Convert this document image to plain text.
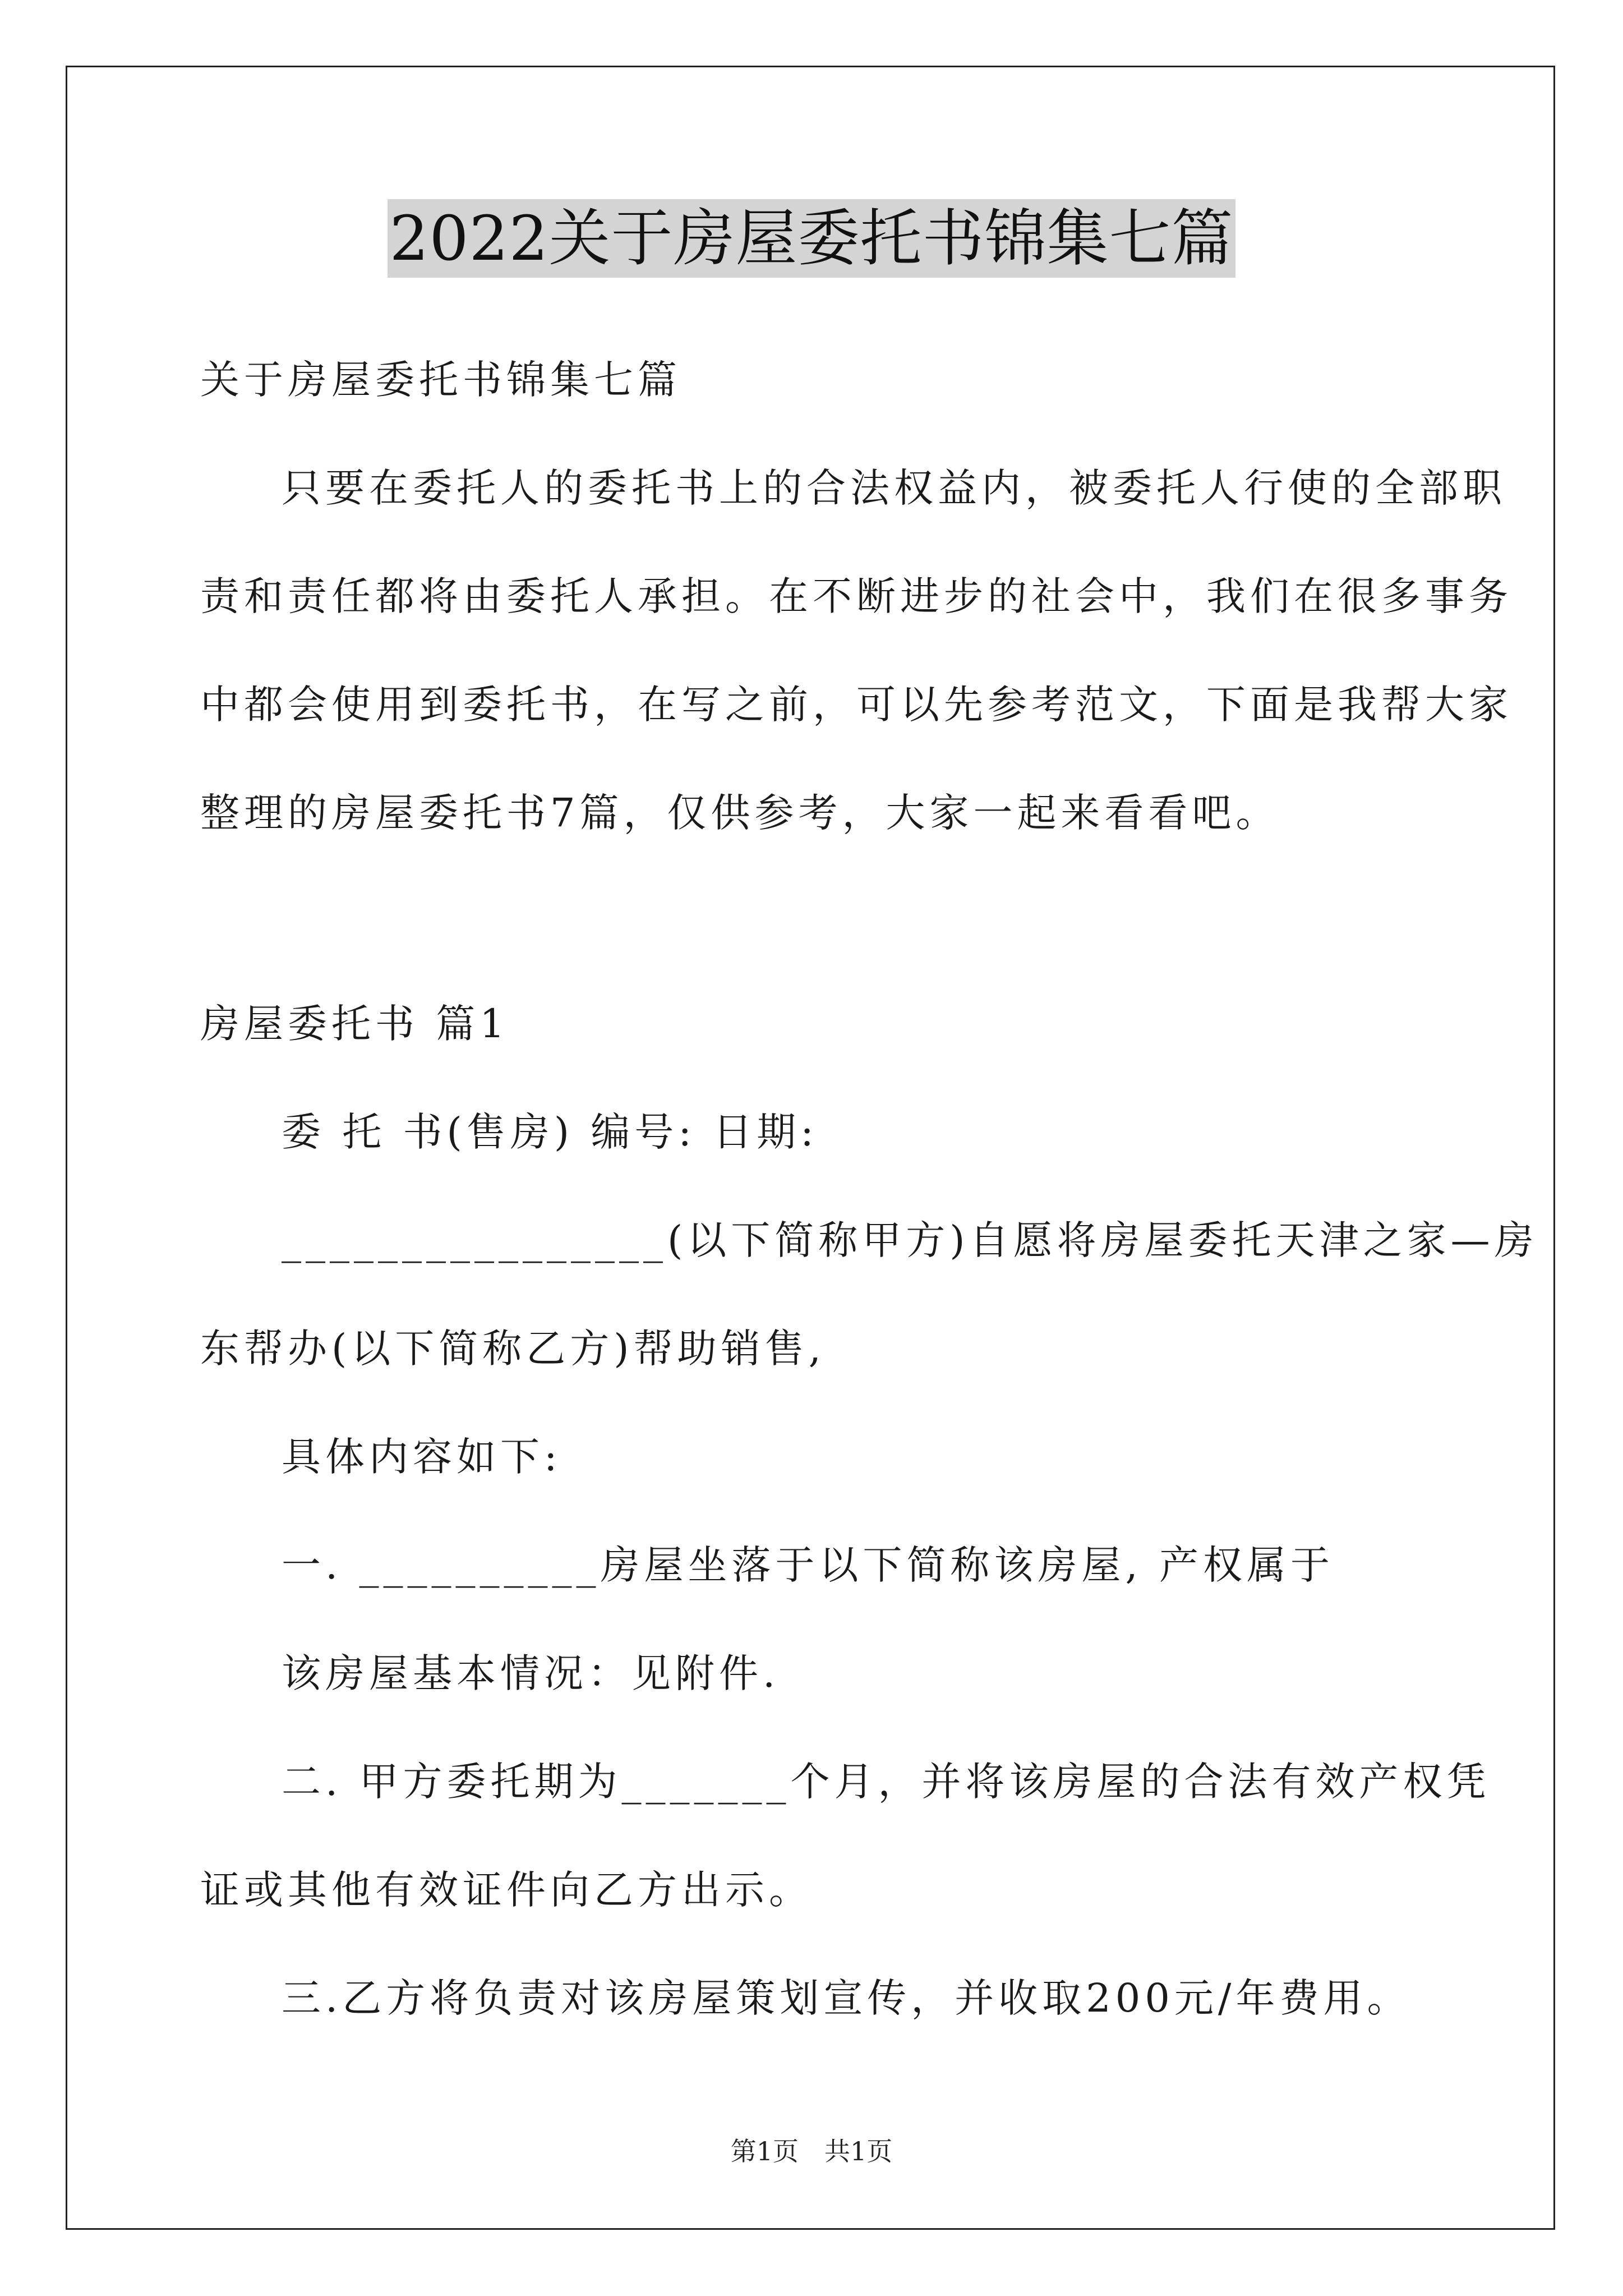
2022关于房屋委托书锦集七篇
关于房屋委托书锦集七篇
只要在委托人的委托书上的合法权益内，被委托人行使的全部职
责和责任都将由委托人承担。在不断进步的社会中，我们在很多事务
中都会使用到委托书，在写之前，可以先参考范文，下面是我帮大家
整理的房屋委托书7篇，仅供参考，大家一起来看看吧。
房屋委托书 篇1
委 托 书(售房) 编号: 日期:
________________(以下简称甲方)自愿将房屋委托天津之家—房
东帮办(以下简称乙方)帮助销售,
具体内容如下:
一. __________房屋坐落于以下简称该房屋, 产权属于
该房屋基本情况：见附件.
二. 甲方委托期为_______个月，并将该房屋的合法有效产权凭
证或其他有效证件向乙方出示。
三.乙方将负责对该房屋策划宣传，并收取200元/年费用。
第1页 共1页
